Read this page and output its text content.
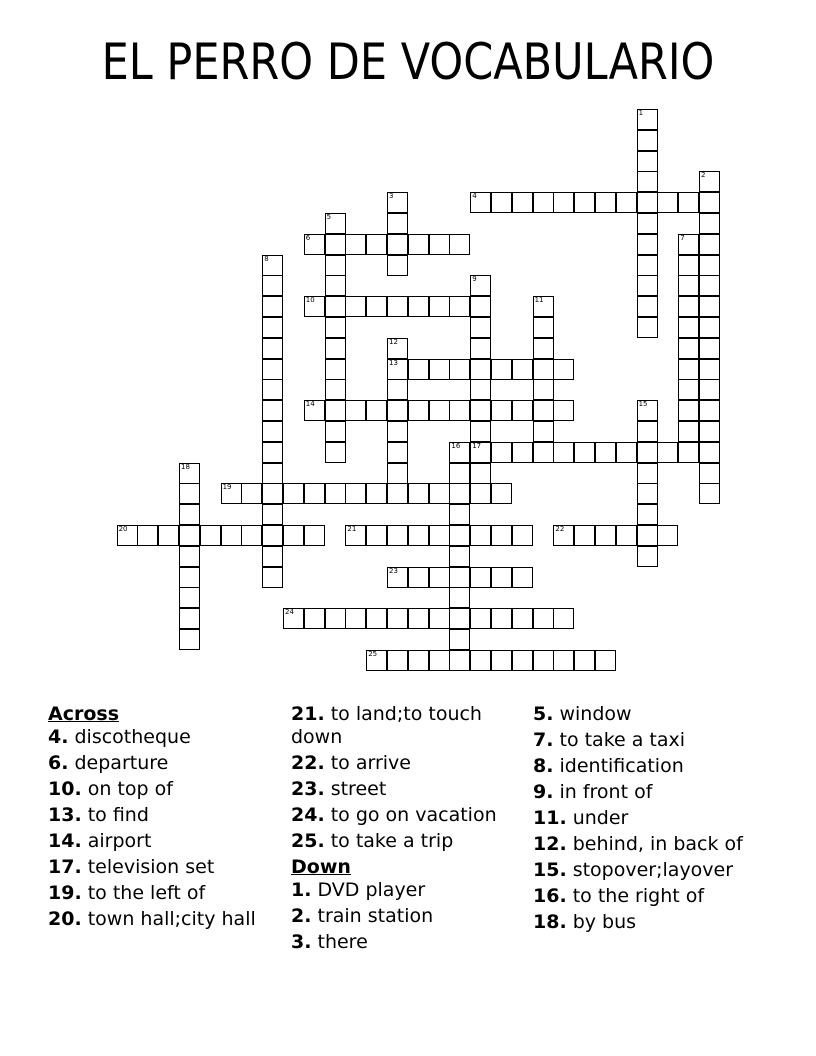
EL PERRO DE VOCABULARIO
1
2
3	4
5
6	7
8
9
17
10	11
12
13
14	15
16
18
19
20	21	22
23
24
25
Across
4. discotheque
6. departure
10. on top of
13. to find
14. airport
17. television set
19. to the left of
20. town hall;city hall
21. to land;to touch down
22. to arrive
23. street
24. to go on vacation
25. to take a trip
Down
1. DVD player
2. train station
3. there
5. window
7. to take a taxi
8. identification
9. in front of
11. under
12. behind, in back of
15. stopover;layover
16. to the right of
18. by bus
